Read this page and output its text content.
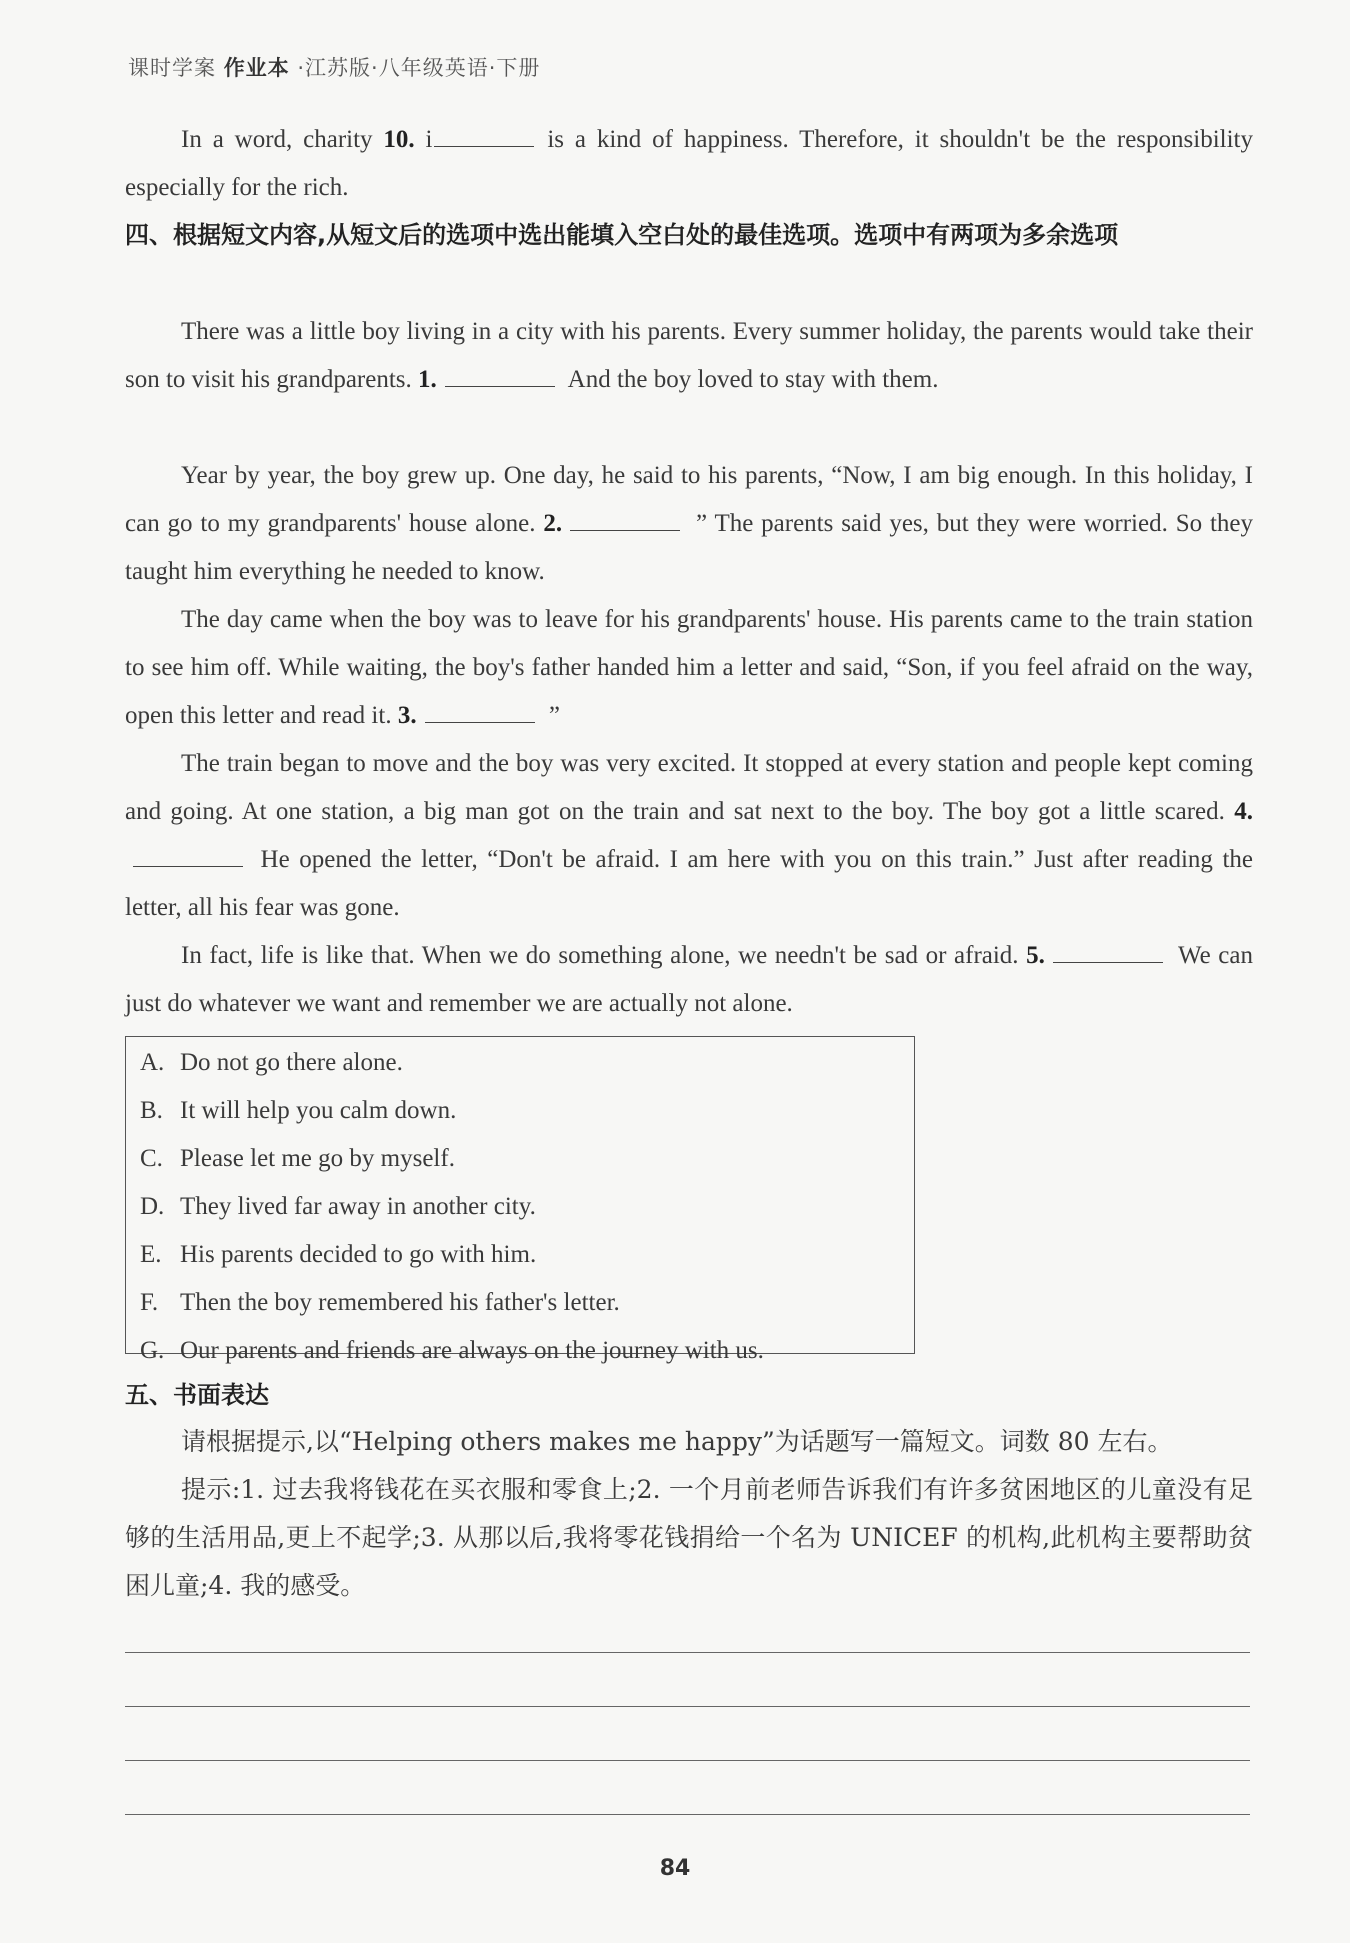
课时学案 作业本 ·江苏版·八年级英语·下册
In a word, charity 10. i	is a kind of happiness. Therefore, it shouldn't be the responsibility especially for the rich.
四、根据短文内容,从短文后的选项中选出能填入空白处的最佳选项。选项中有两项为多余选项
There was a little boy living in a city with his parents. Every summer holiday, the parents would take their son to visit his grandparents. 1.	And the boy loved to stay with them.
Year by year, the boy grew up. One day, he said to his parents, “Now, I am big enough. In this holiday, I can go to my grandparents' house alone. 2.	” The parents said yes, but they were worried. So they taught him everything he needed to know.
The day came when the boy was to leave for his grandparents' house. His parents came to the train station to see him off. While waiting, the boy's father handed him a letter and said, “Son, if you feel afraid on the way, open this letter and read it. 3.	”
The train began to move and the boy was very excited. It stopped at every station and people kept coming and going. At one station, a big man got on the train and sat next to the boy. The boy got a little scared. 4. He opened the letter, “Don't be afraid. I am here with you on this train.” Just after reading the letter, all his fear was gone.
In fact, life is like that. When we do something alone, we needn't be sad or afraid. 5.	We can just do whatever we want and remember we are actually not alone.
A. Do not go there alone.
B. It will help you calm down.
C. Please let me go by myself.
D. They lived far away in another city.
E. His parents decided to go with him.
F. Then the boy remembered his father's letter.
G. Our parents and friends are always on the journey with us.
五、书面表达
请根据提示,以“Helping others makes me happy”为话题写一篇短文。词数 80 左右。
提示:1. 过去我将钱花在买衣服和零食上;2. 一个月前老师告诉我们有许多贫困地区的儿童没有足够的生活用品,更上不起学;3. 从那以后,我将零花钱捐给一个名为 UNICEF 的机构,此机构主要帮助贫困儿童;4. 我的感受。
84
